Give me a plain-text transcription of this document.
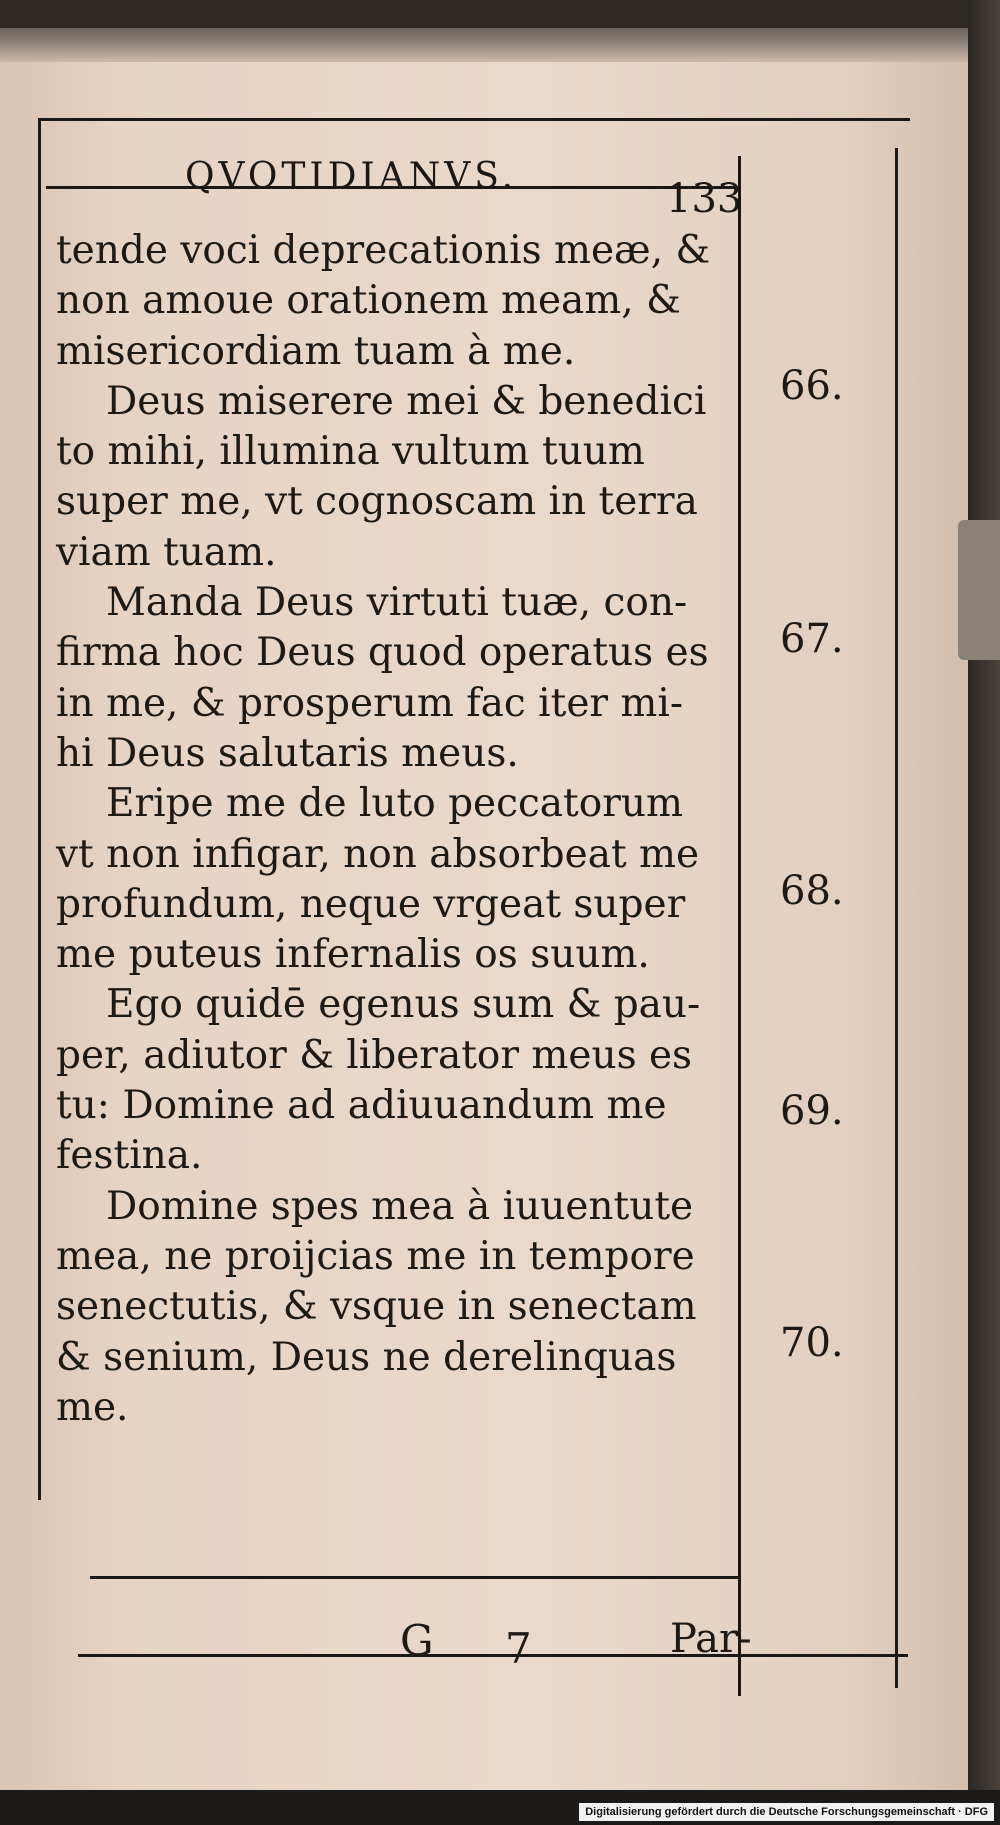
QVOTIDIANVS.	133
tende voci deprecationis meæ, &
non amoue orationem meam, &
misericordiam tuam à me.
Deus miserere mei & benedici
to mihi, illumina vultum tuum
super me, vt cognoscam in terra
viam tuam.
Manda Deus virtuti tuæ, con-
firma hoc Deus quod operatus es
in me, & prosperum fac iter mi-
hi Deus salutaris meus.
Eripe me de luto peccatorum
vt non infigar, non absorbeat me
profundum, neque vrgeat super
me puteus infernalis os suum.
Ego quidē egenus sum & pau-
per, adiutor & liberator meus es
tu: Domine ad adiuuandum me
festina.
Domine spes mea à iuuentute
mea, ne proijcias me in tempore
senectutis, & vsque in senectam
& senium, Deus ne derelinquas
me.
66.
67.
68.
69.
70.
G 7	Par-
Digitalisierung gefördert durch die Deutsche Forschungsgemeinschaft · DFG
